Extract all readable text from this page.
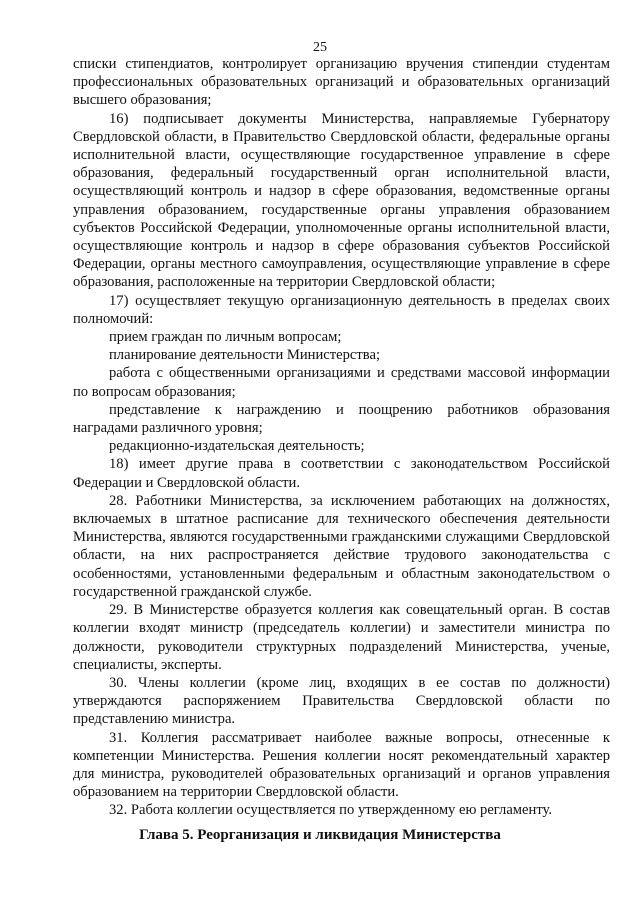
25

списки стипендиатов, контролирует организацию вручения стипендии студентам профессиональных образовательных организаций и образовательных организаций высшего образования;

16) подписывает документы Министерства, направляемые Губернатору Свердловской области, в Правительство Свердловской области, федеральные органы исполнительной власти, осуществляющие государственное управление в сфере образования, федеральный государственный орган исполнительной власти, осуществляющий контроль и надзор в сфере образования, ведомственные органы управления образованием, государственные органы управления образованием субъектов Российской Федерации, уполномоченные органы исполнительной власти, осуществляющие контроль и надзор в сфере образования субъектов Российской Федерации, органы местного самоуправления, осуществляющие управление в сфере образования, расположенные на территории Свердловской области;

17) осуществляет текущую организационную деятельность в пределах своих полномочий:

прием граждан по личным вопросам;

планирование деятельности Министерства;

работа с общественными организациями и средствами массовой информации по вопросам образования;

представление к награждению и поощрению работников образования наградами различного уровня;

редакционно-издательская деятельность;

18) имеет другие права в соответствии с законодательством Российской Федерации и Свердловской области.

28. Работники Министерства, за исключением работающих на должностях, включаемых в штатное расписание для технического обеспечения деятельности Министерства, являются государственными гражданскими служащими Свердловской области, на них распространяется действие трудового законодательства с особенностями, установленными федеральным и областным законодательством о государственной гражданской службе.

29. В Министерстве образуется коллегия как совещательный орган. В состав коллегии входят министр (председатель коллегии) и заместители министра по должности, руководители структурных подразделений Министерства, ученые, специалисты, эксперты.

30. Члены коллегии (кроме лиц, входящих в ее состав по должности) утверждаются распоряжением Правительства Свердловской области по представлению министра.

31. Коллегия рассматривает наиболее важные вопросы, отнесенные к компетенции Министерства. Решения коллегии носят рекомендательный характер для министра, руководителей образовательных организаций и органов управления образованием на территории Свердловской области.

32. Работа коллегии осуществляется по утвержденному ею регламенту.

Глава 5. Реорганизация и ликвидация Министерства
